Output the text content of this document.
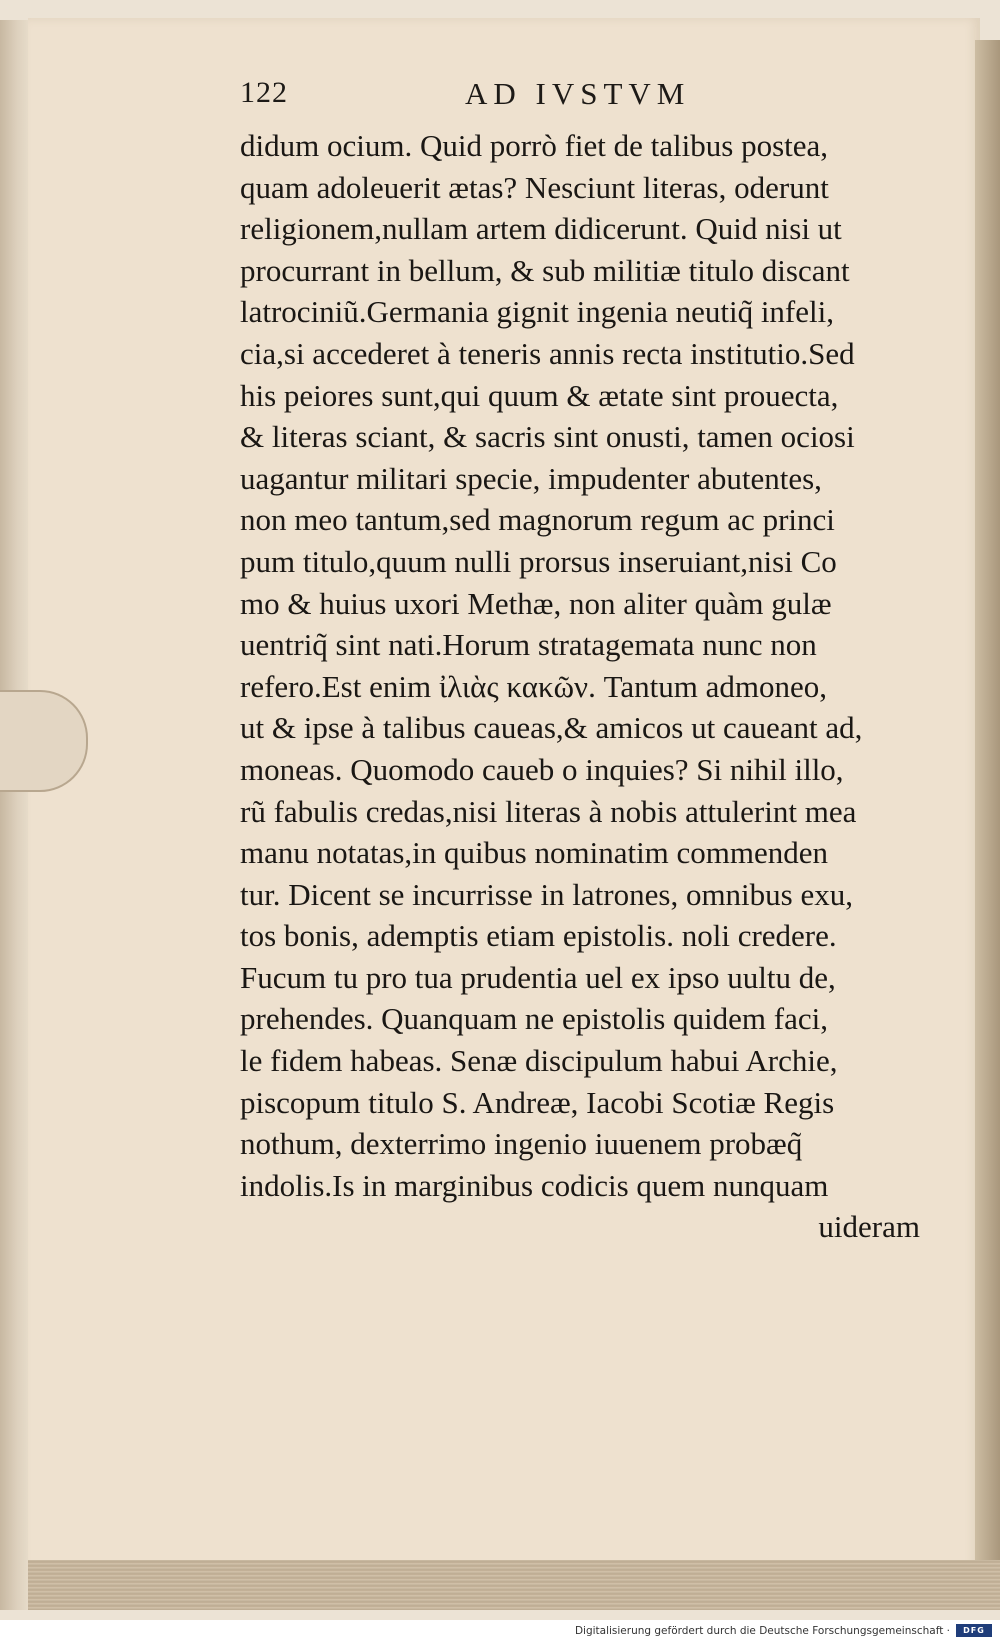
122	AD IVSTVM
didum ocium. Quid porrò fiet de talibus postea,
quam adoleuerit ætas? Nesciunt literas, oderunt
religionem,nullam artem didicerunt. Quid nisi ut
procurrant in bellum, & sub militiæ titulo discant
latrociniũ.Germania gignit ingenia neutiq̃ infeli,
cia,si accederet à teneris annis recta institutio.Sed
his peiores sunt,qui quum & ætate sint prouecta,
& literas sciant, & sacris sint onusti, tamen ociosi
uagantur militari specie, impudenter abutentes,
non meo tantum,sed magnorum regum ac princi
pum titulo,quum nulli prorsus inseruiant,nisi Co
mo & huius uxori Methæ, non aliter quàm gulæ
uentriq̃ sint nati.Horum stratagemata nunc non
refero.Est enim ἰλιὰς κακῶν. Tantum admoneo,
ut & ipse à talibus caueas,& amicos ut caueant ad,
moneas. Quomodo caueb o inquies? Si nihil illo,
rũ fabulis credas,nisi literas à nobis attulerint mea
manu notatas,in quibus nominatim commenden
tur. Dicent se incurrisse in latrones, omnibus exu,
tos bonis, ademptis etiam epistolis. noli credere.
Fucum tu pro tua prudentia uel ex ipso uultu de,
prehendes. Quanquam ne epistolis quidem faci,
le fidem habeas. Senæ discipulum habui Archie,
piscopum titulo S. Andreæ, Iacobi Scotiæ Regis
nothum, dexterrimo ingenio iuuenem probæq̃
indolis.Is in marginibus codicis quem nunquam
uideram
Digitalisierung gefördert durch die Deutsche Forschungsgemeinschaft ·	DFG
